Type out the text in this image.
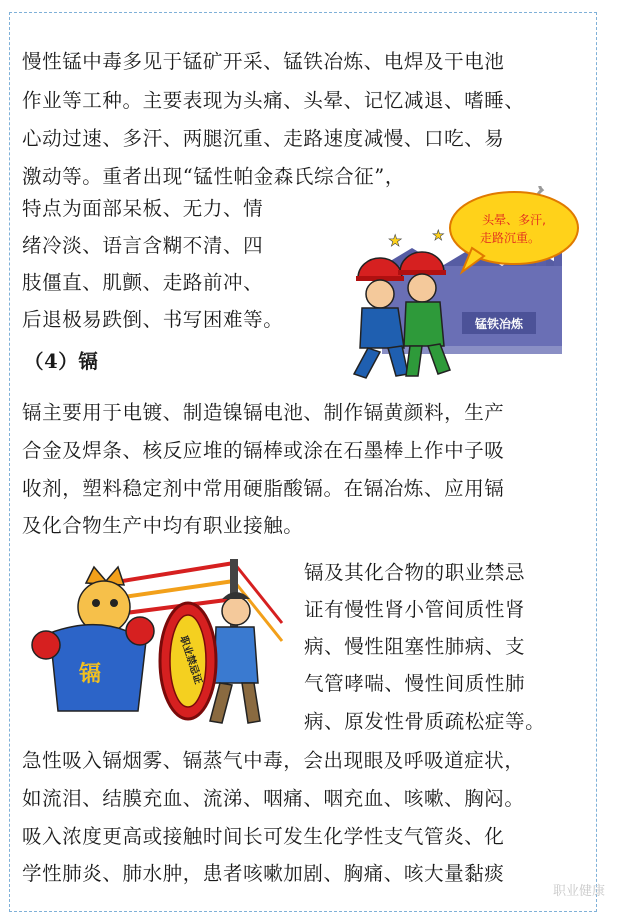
慢性锰中毒多见于锰矿开采、锰铁冶炼、电焊及干电池
作业等工种。主要表现为头痛、头晕、记忆减退、嗜睡、
心动过速、多汗、两腿沉重、走路速度减慢、口吃、易
激动等。重者出现“锰性帕金森氏综合征”，
特点为面部呆板、无力、情
绪冷淡、语言含糊不清、四
肢僵直、肌颤、走路前冲、
后退极易跌倒、书写困难等。
（4）镉
镉主要用于电镀、制造镍镉电池、制作镉黄颜料，生产
合金及焊条、核反应堆的镉棒或涂在石墨棒上作中子吸
收剂，塑料稳定剂中常用硬脂酸镉。在镉冶炼、应用镉
及化合物生产中均有职业接触。
镉及其化合物的职业禁忌
证有慢性肾小管间质性肾
病、慢性阻塞性肺病、支
气管哮喘、慢性间质性肺
病、原发性骨质疏松症等。
急性吸入镉烟雾、镉蒸气中毒，会出现眼及呼吸道症状，
如流泪、结膜充血、流涕、咽痛、咽充血、咳嗽、胸闷。
吸入浓度更高或接触时间长可发生化学性支气管炎、化
学性肺炎、肺水肿，患者咳嗽加剧、胸痛、咳大量黏痰
锰铁冶炼
头晕、多汗,
走路沉重。
★ ★
镉	职业禁忌证
职业健康
